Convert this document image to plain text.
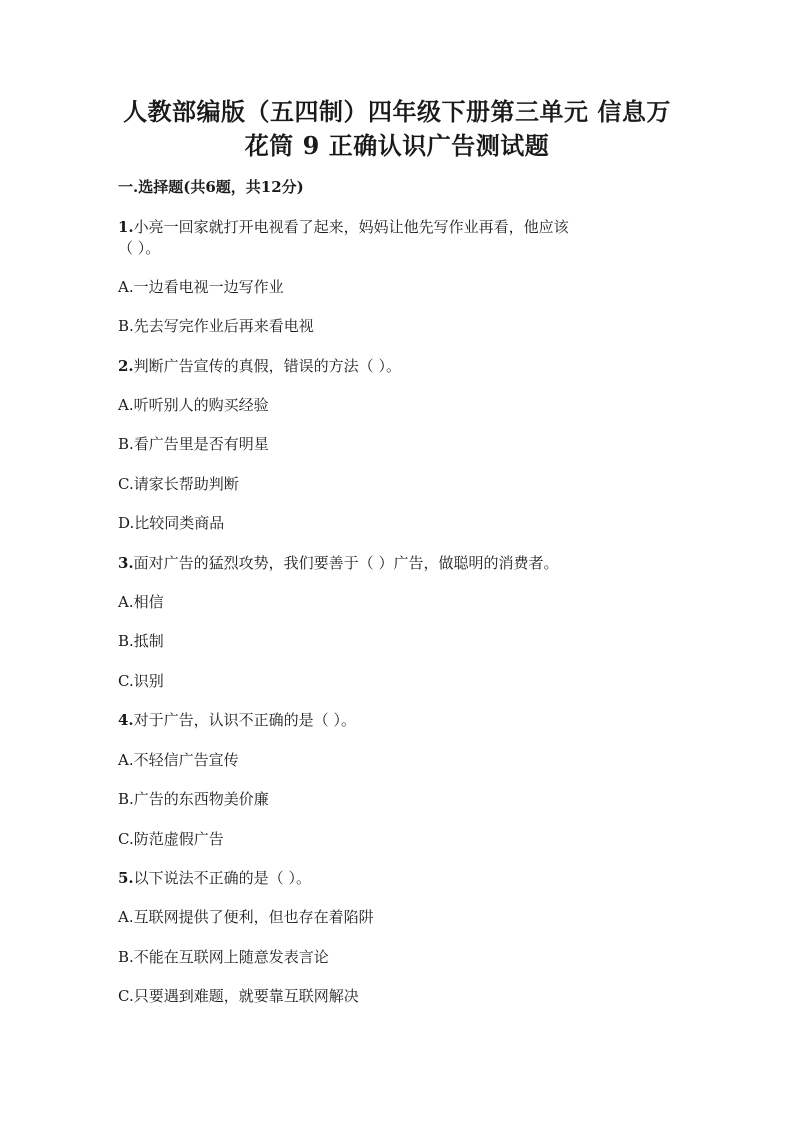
人教部编版（五四制）四年级下册第三单元 信息万
花筒 9 正确认识广告测试题
一.选择题(共6题，共12分)
1.小亮一回家就打开电视看了起来，妈妈让他先写作业再看，他应该
（ ）。
A.一边看电视一边写作业
B.先去写完作业后再来看电视
2.判断广告宣传的真假，错误的方法（ ）。
A.听听别人的购买经验
B.看广告里是否有明星
C.请家长帮助判断
D.比较同类商品
3.面对广告的猛烈攻势，我们要善于（ ）广告，做聪明的消费者。
A.相信
B.抵制
C.识别
4.对于广告，认识不正确的是（ ）。
A.不轻信广告宣传
B.广告的东西物美价廉
C.防范虚假广告
5.以下说法不正确的是（ ）。
A.互联网提供了便利，但也存在着陷阱
B.不能在互联网上随意发表言论
C.只要遇到难题，就要靠互联网解决
